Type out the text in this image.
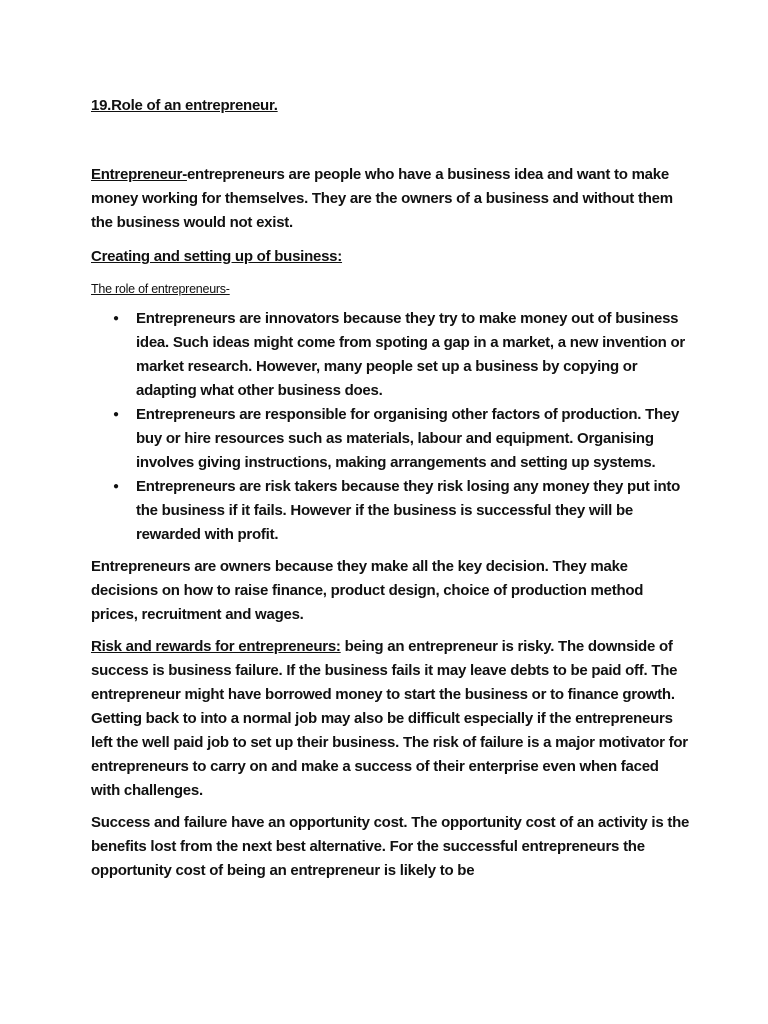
19.Role of an entrepreneur.

Entrepreneur-entrepreneurs are people who have a business idea and want to make money working for themselves. They are the owners of a business and without them the business would not exist.

Creating and setting up of business:

The role of entrepreneurs-

● Entrepreneurs are innovators because they try to make money out of business idea. Such ideas might come from spoting a gap in a market, a new invention or market research. However, many people set up a business by copying or adapting what other business does.
● Entrepreneurs are responsible for organising other factors of production. They buy or hire resources such as materials, labour and equipment. Organising involves giving instructions, making arrangements and setting up systems.
● Entrepreneurs are risk takers because they risk losing any money they put into the business if it fails. However if the business is successful they will be rewarded with profit.

Entrepreneurs are owners because they make all the key decision. They make decisions on how to raise finance, product design, choice of production method prices, recruitment and wages.

Risk and rewards for entrepreneurs: being an entrepreneur is risky. The downside of success is business failure. If the business fails it may leave debts to be paid off. The entrepreneur might have borrowed money to start the business or to finance growth. Getting back to into a normal job may also be difficult especially if the entrepreneurs left the well paid job to set up their business. The risk of failure is a major motivator for entrepreneurs to carry on and make a success of their enterprise even when faced with challenges.

Success and failure have an opportunity cost. The opportunity cost of an activity is the benefits lost from the next best alternative. For the successful entrepreneurs the opportunity cost of being an entrepreneur is likely to be
